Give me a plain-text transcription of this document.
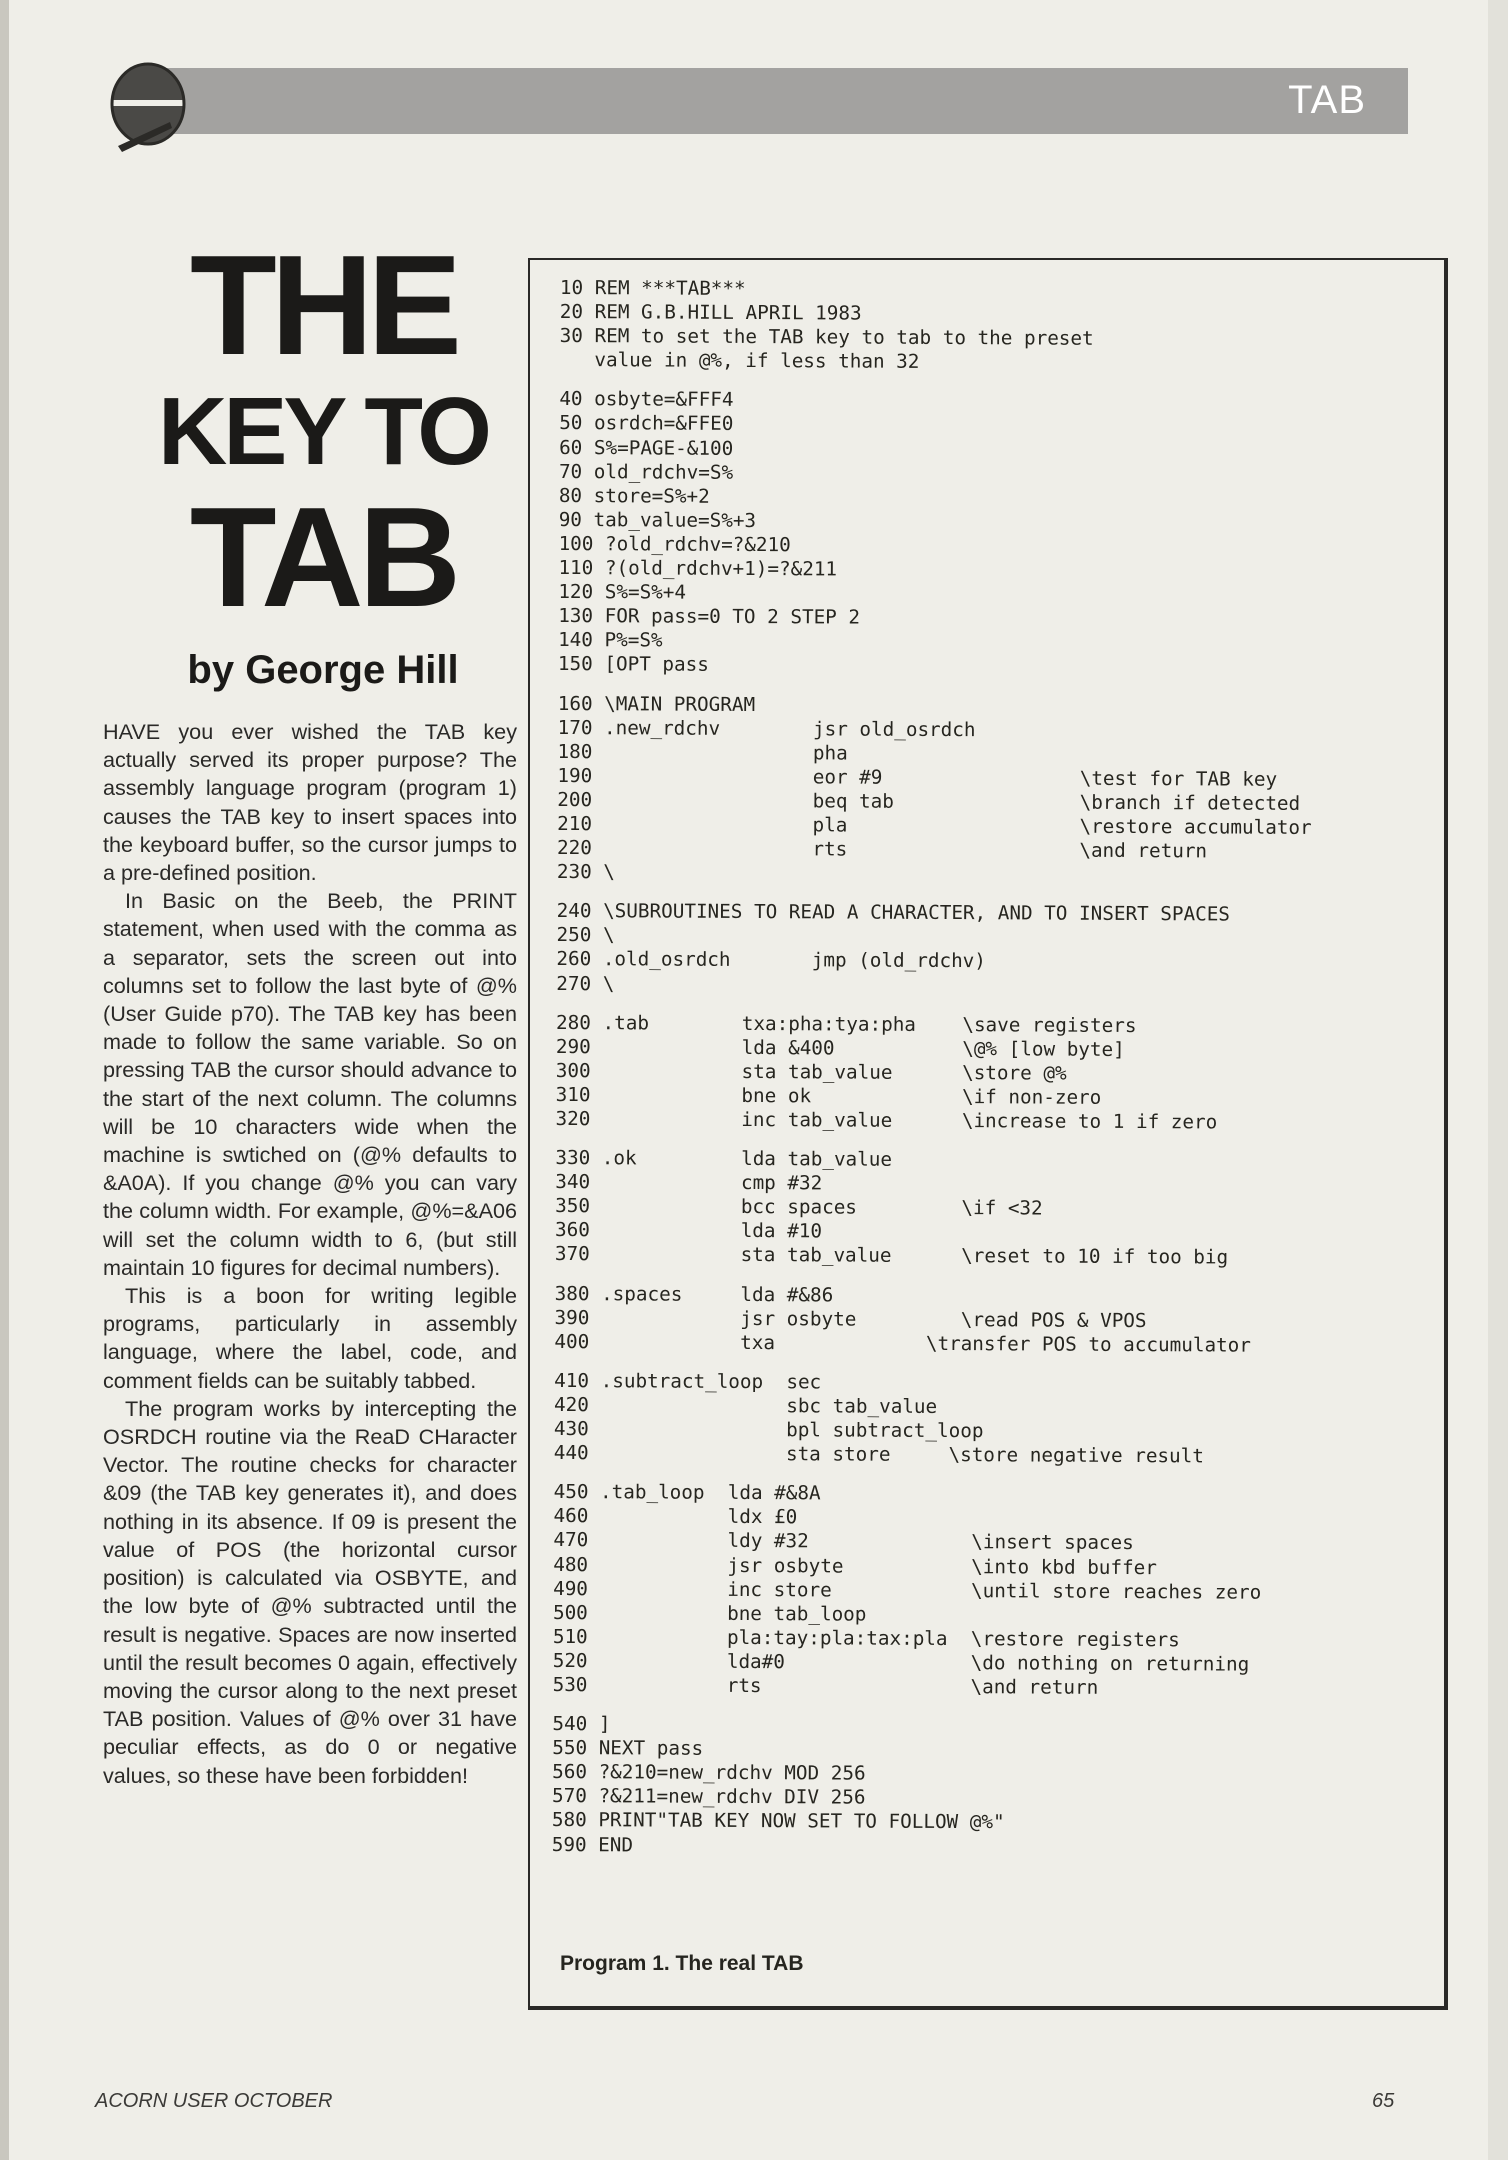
TAB
THE
KEY TO
TAB
by George Hill

HAVE you ever wished the TAB key actually served its proper purpose? The assembly language program (program 1) causes the TAB key to insert spaces into the keyboard buffer, so the cursor jumps to a pre-defined position.

In Basic on the Beeb, the PRINT statement, when used with the comma as a separator, sets the screen out into columns set to follow the last byte of @% (User Guide p70). The TAB key has been made to follow the same variable. So on pressing TAB the cursor should advance to the start of the next column. The columns will be 10 characters wide when the machine is swtiched on (@% defaults to &A0A). If you change @% you can vary the column width. For example, @%=&A06 will set the column width to 6, (but still maintain 10 figures for decimal numbers).

This is a boon for writing legible programs, particularly in assembly language, where the label, code, and comment fields can be suitably tabbed.

The program works by intercepting the OSRDCH routine via the ReaD CHaracter Vector. The routine checks for character &09 (the TAB key generates it), and does nothing in its absence. If 09 is present the value of POS (the horizontal cursor position) is calculated via OSBYTE, and the low byte of @% subtracted until the result is negative. Spaces are now inserted until the result becomes 0 again, effectively moving the cursor along to the next preset TAB position. Values of @% over 31 have peculiar effects, as do 0 or negative values, so these have been forbidden!

10 REM ***TAB***
20 REM G.B.HILL APRIL 1983
30 REM to set the TAB key to tab to the preset
value in @%, if less than 32
40 osbyte=&FFF4
50 osrdch=&FFE0
60 S%=PAGE-&100
70 old_rdchv=S%
80 store=S%+2
90 tab_value=S%+3
100 ?old_rdchv=?&210
110 ?(old_rdchv+1)=?&211
120 S%=S%+4
130 FOR pass=0 TO 2 STEP 2
140 P%=S%
150 [OPT pass
160 \MAIN PROGRAM
170 .new_rdchv        jsr old_osrdch
180                   pha
190                   eor #9                 \test for TAB key
200                   beq tab                \branch if detected
210                   pla                    \restore accumulator
220                   rts                    \and return
230 \
240 \SUBROUTINES TO READ A CHARACTER, AND TO INSERT SPACES
250 \
260 .old_osrdch       jmp (old_rdchv)
270 \
280 .tab        txa:pha:tya:pha    \save registers
290             lda &400           \@% [low byte]
300             sta tab_value      \store @%
310             bne ok             \if non-zero
320             inc tab_value      \increase to 1 if zero
330 .ok         lda tab_value
340             cmp #32
350             bcc spaces         \if <32
360             lda #10
370             sta tab_value      \reset to 10 if too big
380 .spaces     lda #&86
390             jsr osbyte         \read POS & VPOS
400             txa             \transfer POS to accumulator
410 .subtract_loop  sec
420                 sbc tab_value
430                 bpl subtract_loop
440                 sta store     \store negative result
450 .tab_loop  lda #&8A
460            ldx £0
470            ldy #32              \insert spaces
480            jsr osbyte           \into kbd buffer
490            inc store            \until store reaches zero
500            bne tab_loop
510            pla:tay:pla:tax:pla  \restore registers
520            lda#0                \do nothing on returning
530            rts                  \and return
540 ]
550 NEXT pass
560 ?&210=new_rdchv MOD 256
570 ?&211=new_rdchv DIV 256
580 PRINT"TAB KEY NOW SET TO FOLLOW @%"
590 END
Program 1. The real TAB
ACORN USER OCTOBER	65
